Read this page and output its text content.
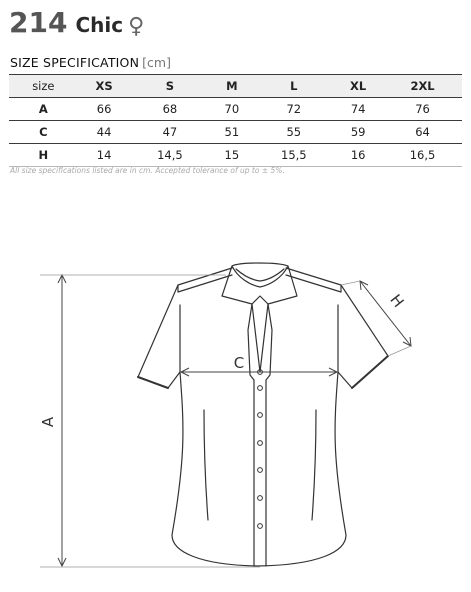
214 Chic ♀
SIZE SPECIFICATION [cm]
size	XS	S	M	L	XL	2XL
A	66	68	70	72	74	76
C	44	47	51	55	59	64
H	14	14,5	15	15,5	16	16,5
All size specifications listed are in cm. Accepted tolerance of up to ± 5%.
A
C
H
